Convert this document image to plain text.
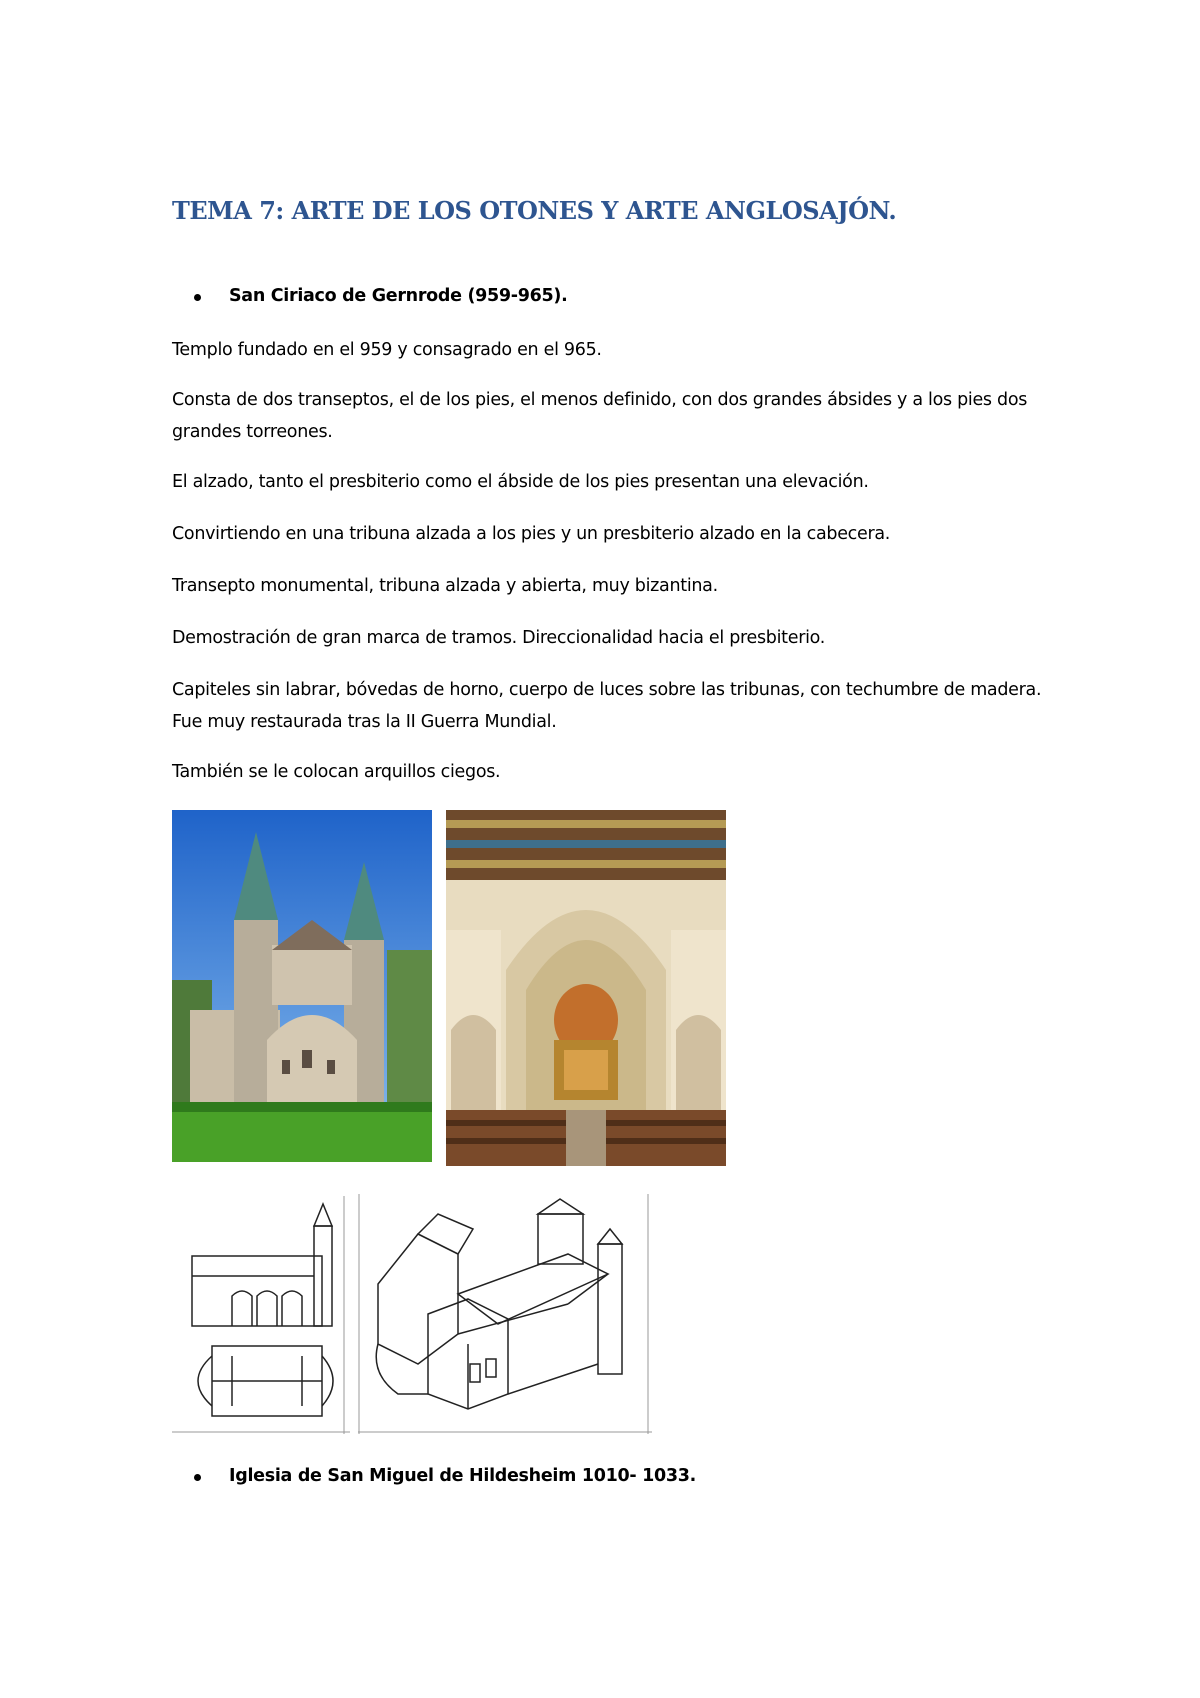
TEMA 7: ARTE DE LOS OTONES Y ARTE ANGLOSAJÓN.
San Ciriaco de Gernrode (959-965).

Templo fundado en el 959 y consagrado en el 965.

Consta de dos transeptos, el de los pies, el menos definido, con dos grandes ábsides y a los pies dos grandes torreones.

El alzado, tanto el presbiterio como el ábside de los pies presentan una elevación.

Convirtiendo en una tribuna alzada a los pies y un presbiterio alzado en la cabecera.

Transepto monumental, tribuna alzada y abierta, muy bizantina.

Demostración de gran marca de tramos. Direccionalidad hacia el presbiterio.

Capiteles sin labrar, bóvedas de horno, cuerpo de luces sobre las tribunas, con techumbre de madera. Fue muy restaurada tras la II Guerra Mundial.

También se le colocan arquillos ciegos.

Iglesia de San Miguel de Hildesheim 1010- 1033.
